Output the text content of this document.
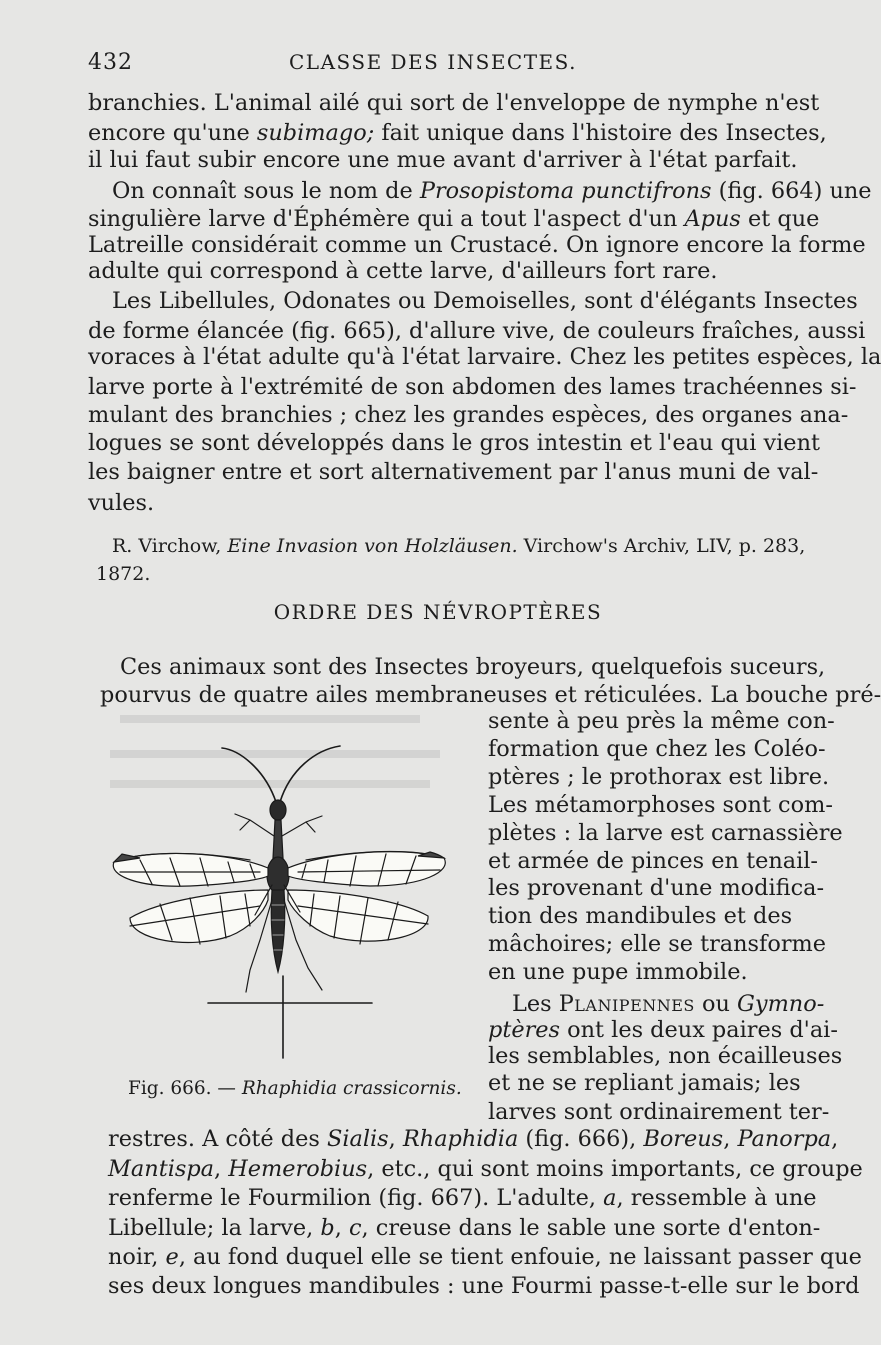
432	CLASSE DES INSECTES.
branchies. L'animal ailé qui sort de l'enveloppe de nymphe n'est
encore qu'une subimago; fait unique dans l'histoire des Insectes,
il lui faut subir encore une mue avant d'arriver à l'état parfait.
On connaît sous le nom de Prosopistoma punctifrons (fig. 664) une
singulière larve d'Éphémère qui a tout l'aspect d'un Apus et que
Latreille considérait comme un Crustacé. On ignore encore la forme
adulte qui correspond à cette larve, d'ailleurs fort rare.
Les Libellules, Odonates ou Demoiselles, sont d'élégants Insectes
de forme élancée (fig. 665), d'allure vive, de couleurs fraîches, aussi
voraces à l'état adulte qu'à l'état larvaire. Chez les petites espèces, la
larve porte à l'extrémité de son abdomen des lames trachéennes si-
mulant des branchies ; chez les grandes espèces, des organes ana-
logues se sont développés dans le gros intestin et l'eau qui vient
les baigner entre et sort alternativement par l'anus muni de val-
vules.
R. Virchow, Eine Invasion von Holzläusen. Virchow's Archiv, LIV, p. 283,
1872.
ORDRE DES NÉVROPTÈRES
Ces animaux sont des Insectes broyeurs, quelquefois suceurs,
pourvus de quatre ailes membraneuses et réticulées. La bouche pré-
sente à peu près la même con-
formation que chez les Coléo-
ptères ; le prothorax est libre.
Les métamorphoses sont com-
plètes : la larve est carnassière
et armée de pinces en tenail-
les provenant d'une modifica-
tion des mandibules et des
mâchoires; elle se transforme
en une pupe immobile.
Les Planipennes ou Gymno-
ptères ont les deux paires d'ai-
les semblables, non écailleuses
et ne se repliant jamais; les
larves sont ordinairement ter-
Fig. 666. — Rhaphidia crassicornis.
restres. A côté des Sialis, Rhaphidia (fig. 666), Boreus, Panorpa,
Mantispa, Hemerobius, etc., qui sont moins importants, ce groupe
renferme le Fourmilion (fig. 667). L'adulte, a, ressemble à une
Libellule; la larve, b, c, creuse dans le sable une sorte d'enton-
noir, e, au fond duquel elle se tient enfouie, ne laissant passer que
ses deux longues mandibules : une Fourmi passe-t-elle sur le bord
